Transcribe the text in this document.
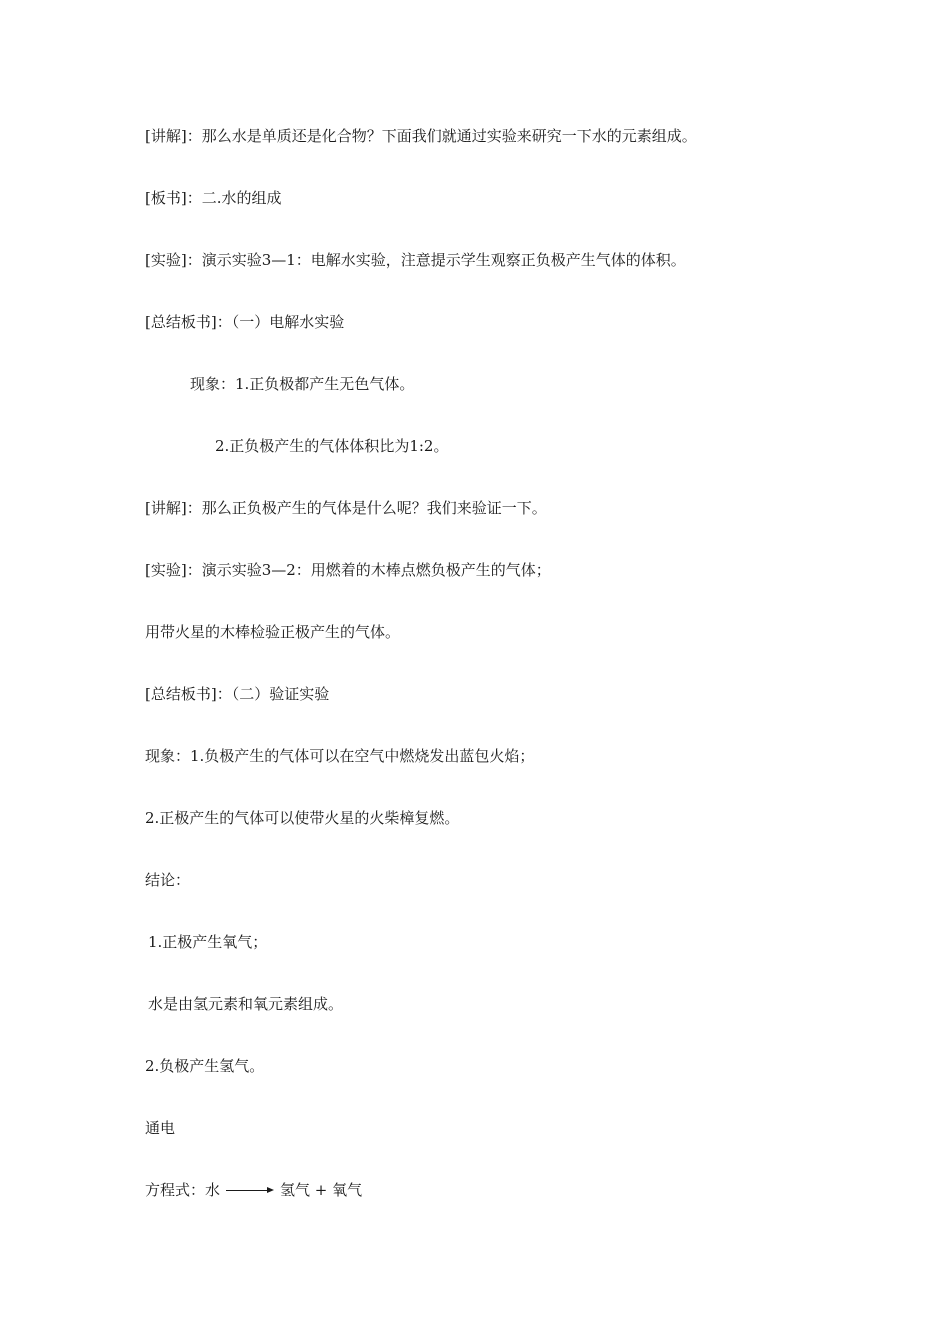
[讲解]：那么水是单质还是化合物？下面我们就通过实验来研究一下水的元素组成。
[板书]：二.水的组成
[实验]：演示实验3—1：电解水实验，注意提示学生观察正负极产生气体的体积。
[总结板书]：（一）电解水实验
现象：1.正负极都产生无色气体。
2.正负极产生的气体体积比为1:2。
[讲解]：那么正负极产生的气体是什么呢？我们来验证一下。
[实验]：演示实验3—2：用燃着的木棒点燃负极产生的气体；
用带火星的木棒检验正极产生的气体。
[总结板书]：（二）验证实验
现象：1.负极产生的气体可以在空气中燃烧发出蓝包火焰；
2.正极产生的气体可以使带火星的火柴樟复燃。
结论：
1.正极产生氧气；
水是由氢元素和氧元素组成。
2.负极产生氢气。
通电
方程式：水	氢气 + 氧气
